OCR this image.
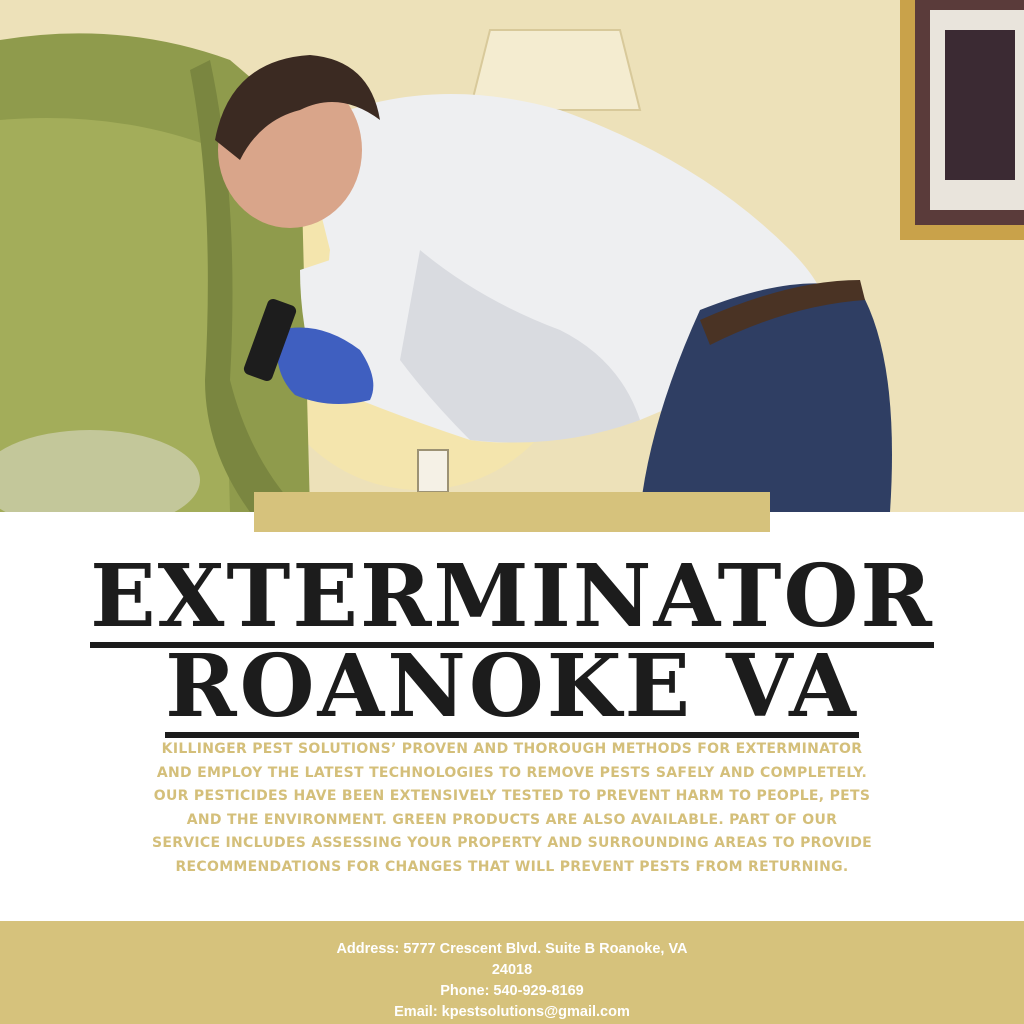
EXTERMINATOR
ROANOKE VA

KILLINGER PEST SOLUTIONS’ PROVEN AND THOROUGH METHODS FOR EXTERMINATOR AND EMPLOY THE LATEST TECHNOLOGIES TO REMOVE PESTS SAFELY AND COMPLETELY. OUR PESTICIDES HAVE BEEN EXTENSIVELY TESTED TO PREVENT HARM TO PEOPLE, PETS AND THE ENVIRONMENT. GREEN PRODUCTS ARE ALSO AVAILABLE. PART OF OUR SERVICE INCLUDES ASSESSING YOUR PROPERTY AND SURROUNDING AREAS TO PROVIDE RECOMMENDATIONS FOR CHANGES THAT WILL PREVENT PESTS FROM RETURNING.

Address: 5777 Crescent Blvd. Suite B Roanoke, VA
24018
Phone: 540-929-8169
Email: kpestsolutions@gmail.com
